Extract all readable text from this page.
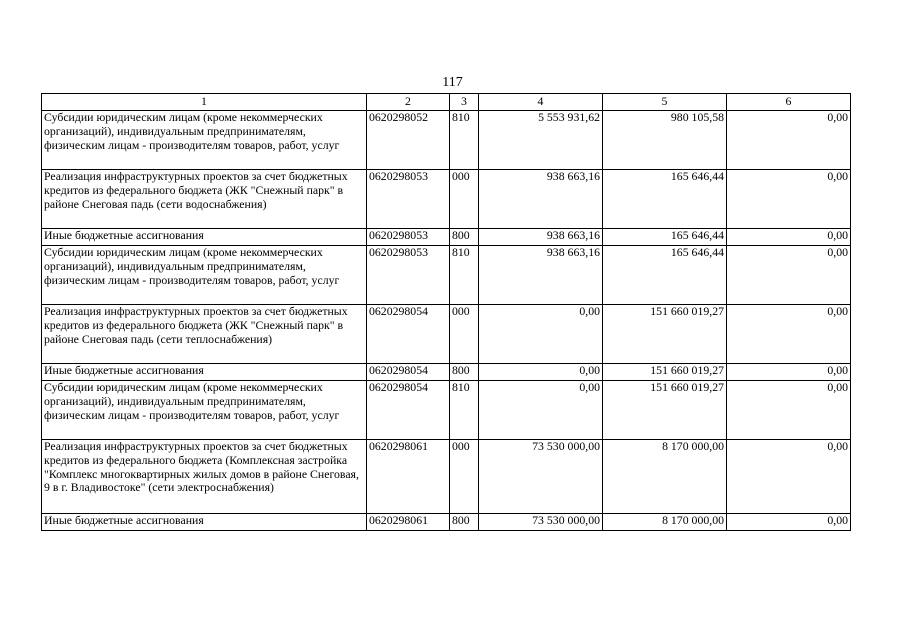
117
1	2	3	4	5	6
Субсидии юридическим лицам (кроме некоммерческих организаций), индивидуальным предпринимателям, физическим лицам - производителям товаров, работ, услуг	0620298052	810	5 553 931,62	980 105,58	0,00
Реализация инфраструктурных проектов за счет бюджетных кредитов из федерального бюджета (ЖК "Снежный парк" в районе Снеговая падь (сети водоснабжения)	0620298053	000	938 663,16	165 646,44	0,00
Иные бюджетные ассигнования	0620298053	800	938 663,16	165 646,44	0,00
Субсидии юридическим лицам (кроме некоммерческих организаций), индивидуальным предпринимателям, физическим лицам - производителям товаров, работ, услуг	0620298053	810	938 663,16	165 646,44	0,00
Реализация инфраструктурных проектов за счет бюджетных кредитов из федерального бюджета (ЖК "Снежный парк" в районе Снеговая падь (сети теплоснабжения)	0620298054	000	0,00	151 660 019,27	0,00
Иные бюджетные ассигнования	0620298054	800	0,00	151 660 019,27	0,00
Субсидии юридическим лицам (кроме некоммерческих организаций), индивидуальным предпринимателям, физическим лицам - производителям товаров, работ, услуг	0620298054	810	0,00	151 660 019,27	0,00
Реализация инфраструктурных проектов за счет бюджетных кредитов из федерального бюджета (Комплексная застройка "Комплекс многоквартирных жилых домов в районе Снеговая, 9 в г. Владивостоке" (сети электроснабжения)	0620298061	000	73 530 000,00	8 170 000,00	0,00
Иные бюджетные ассигнования	0620298061	800	73 530 000,00	8 170 000,00	0,00
